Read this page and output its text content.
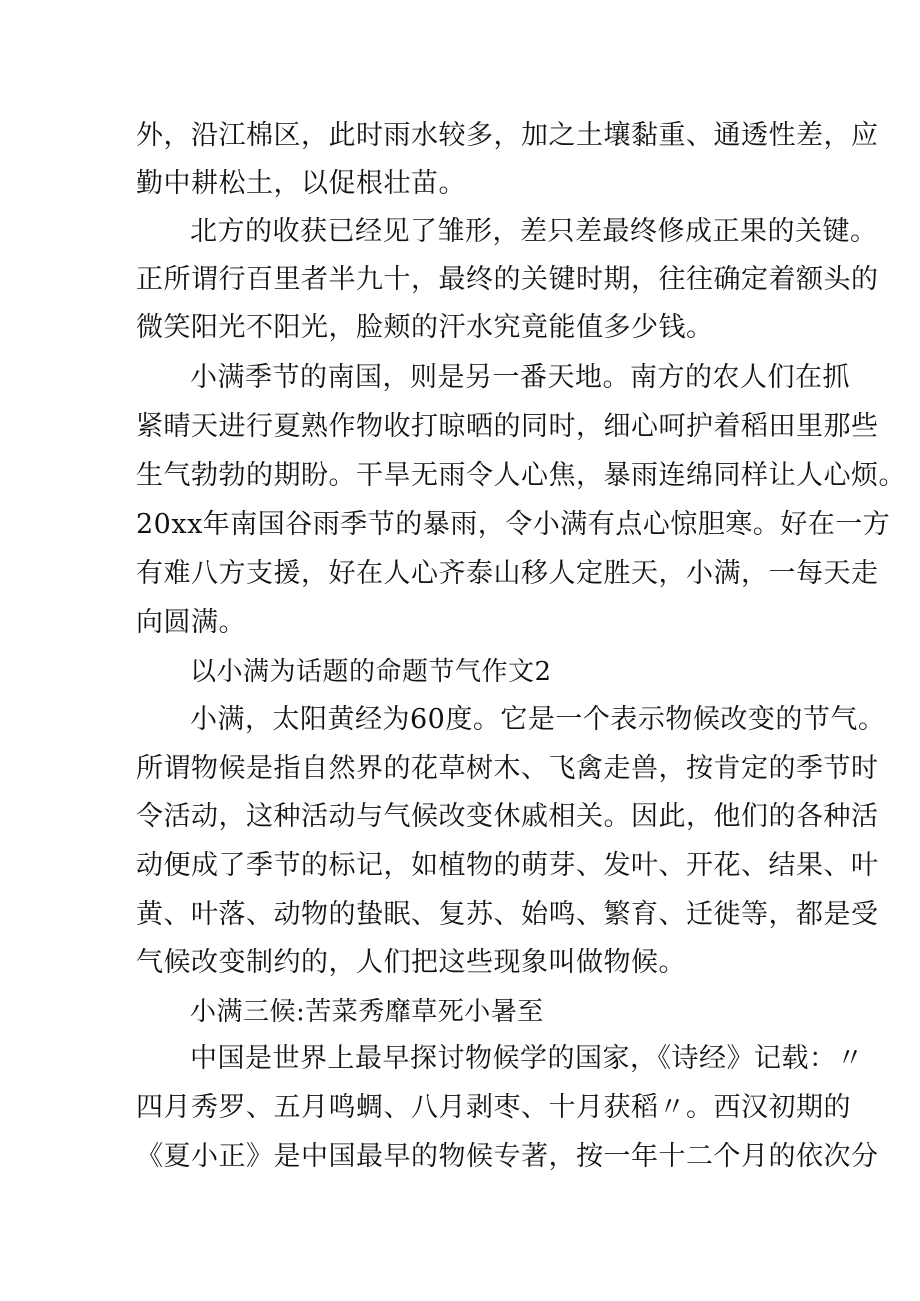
外，沿江棉区，此时雨水较多，加之土壤黏重、通透性差，应
勤中耕松土，以促根壮苗。
北方的收获已经见了雏形，差只差最终修成正果的关键。
正所谓行百里者半九十，最终的关键时期，往往确定着额头的
微笑阳光不阳光，脸颊的汗水究竟能值多少钱。
小满季节的南国，则是另一番天地。南方的农人们在抓
紧晴天进行夏熟作物收打晾晒的同时，细心呵护着稻田里那些
生气勃勃的期盼。干旱无雨令人心焦，暴雨连绵同样让人心烦。
20xx年南国谷雨季节的暴雨，令小满有点心惊胆寒。好在一方
有难八方支援，好在人心齐泰山移人定胜天，小满，一每天走
向圆满。
以小满为话题的命题节气作文2
小满，太阳黄经为60度。它是一个表示物候改变的节气。
所谓物候是指自然界的花草树木、飞禽走兽，按肯定的季节时
令活动，这种活动与气候改变休戚相关。因此，他们的各种活
动便成了季节的标记，如植物的萌芽、发叶、开花、结果、叶
黄、叶落、动物的蛰眠、复苏、始鸣、繁育、迁徙等，都是受
气候改变制约的，人们把这些现象叫做物候。
小满三候:苦菜秀靡草死小暑至
中国是世界上最早探讨物候学的国家，《诗经》记载：〃
四月秀罗、五月鸣蜩、八月剥枣、十月获稻〃。西汉初期的
《夏小正》是中国最早的物候专著，按一年十二个月的依次分
